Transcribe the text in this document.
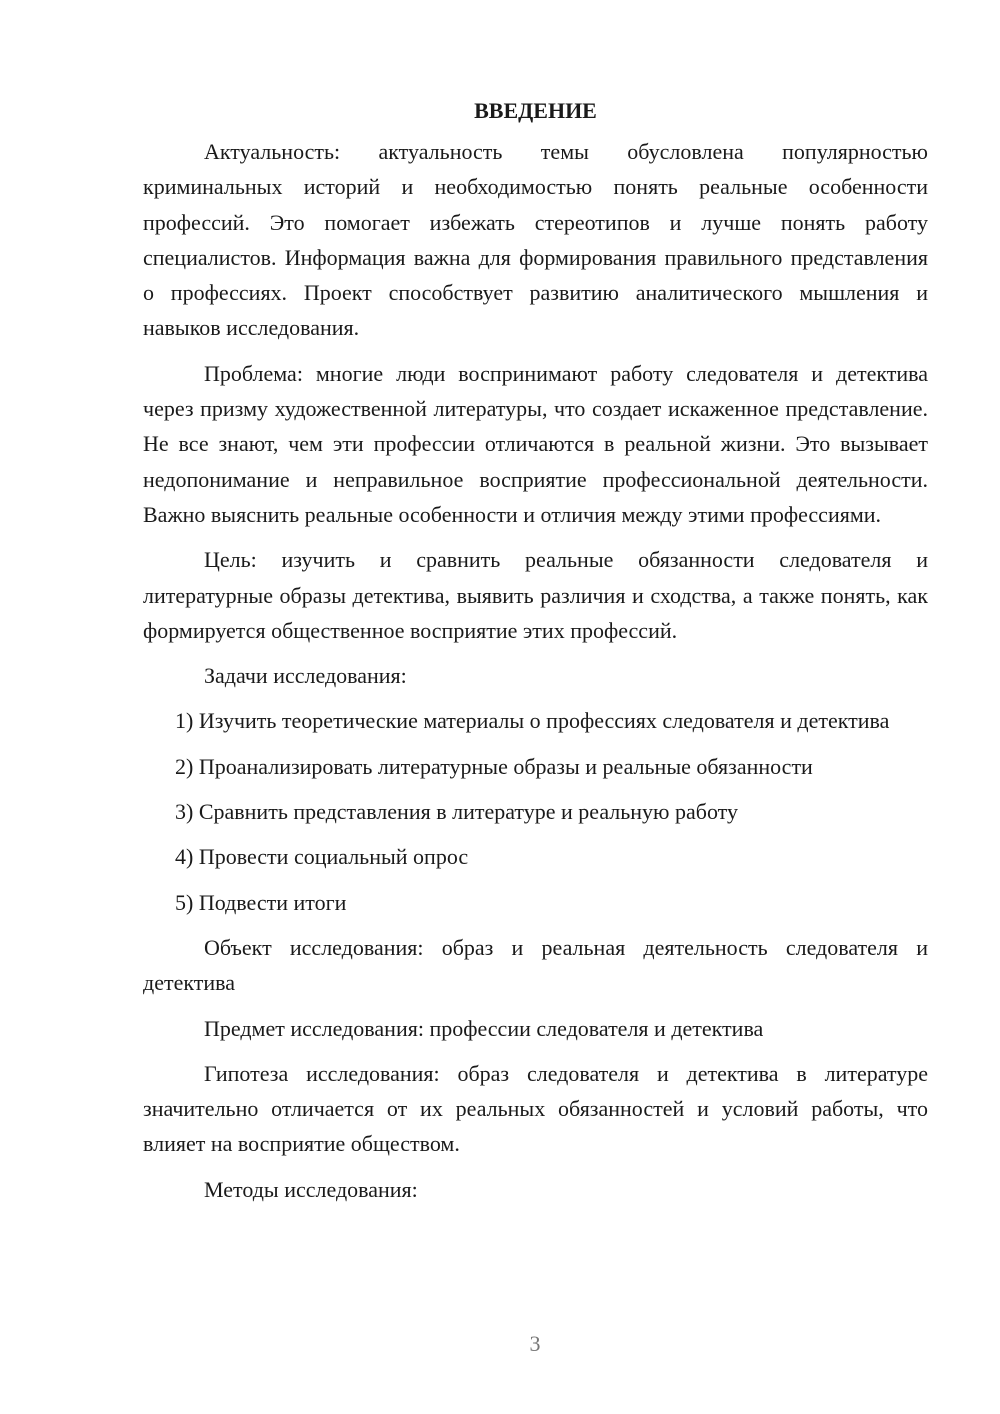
ВВЕДЕНИЕ

Актуальность: актуальность темы обусловлена популярностью криминальных историй и необходимостью понять реальные особенности профессий. Это помогает избежать стереотипов и лучше понять работу специалистов. Информация важна для формирования правильного представления о профессиях. Проект способствует развитию аналитического мышления и навыков исследования.

Проблема: многие люди воспринимают работу следователя и детектива через призму художественной литературы, что создает искаженное представление. Не все знают, чем эти профессии отличаются в реальной жизни. Это вызывает недопонимание и неправильное восприятие профессиональной деятельности. Важно выяснить реальные особенности и отличия между этими профессиями.

Цель: изучить и сравнить реальные обязанности следователя и литературные образы детектива, выявить различия и сходства, а также понять, как формируется общественное восприятие этих профессий.

Задачи исследования:

1) Изучить теоретические материалы о профессиях следователя и детектива

2) Проанализировать литературные образы и реальные обязанности

3) Сравнить представления в литературе и реальную работу

4) Провести социальный опрос

5) Подвести итоги

Объект исследования: образ и реальная деятельность следователя и детектива

Предмет исследования: профессии следователя и детектива

Гипотеза исследования: образ следователя и детектива в литературе значительно отличается от их реальных обязанностей и условий работы, что влияет на восприятие обществом.

Методы исследования:

3
